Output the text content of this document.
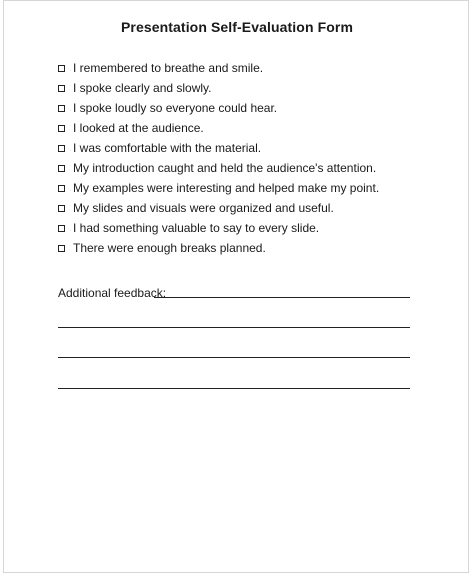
Presentation Self-Evaluation Form
I remembered to breathe and smile.
I spoke clearly and slowly.
I spoke loudly so everyone could hear.
I looked at the audience.
I was comfortable with the material.
My introduction caught and held the audience's attention.
My examples were interesting and helped make my point.
My slides and visuals were organized and useful.
I had something valuable to say to every slide.
There were enough breaks planned.
Additional feedback:
